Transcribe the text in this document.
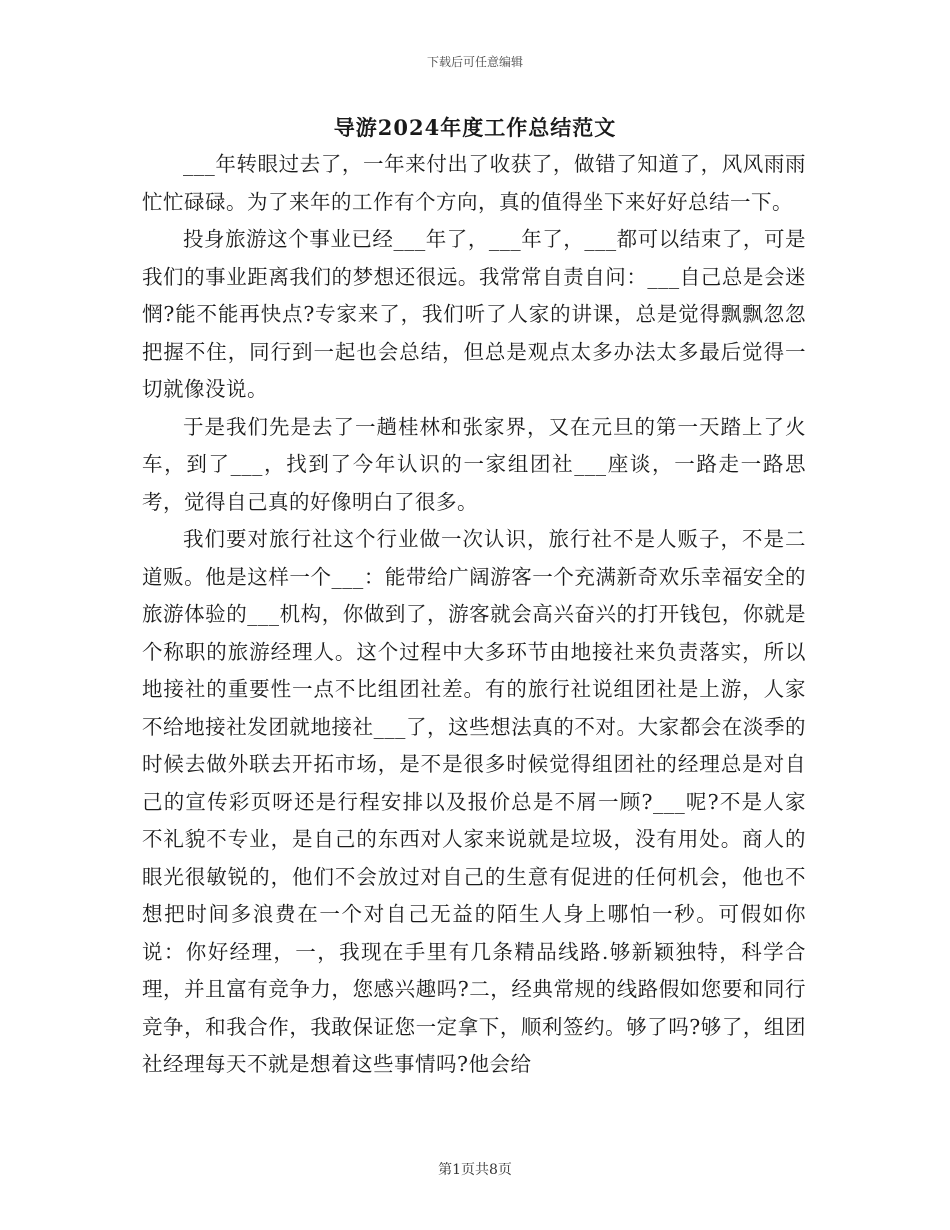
下载后可任意编辑
导游2024年度工作总结范文

___年转眼过去了，一年来付出了收获了，做错了知道了，风风雨雨忙忙碌碌。为了来年的工作有个方向，真的值得坐下来好好总结一下。

投身旅游这个事业已经___年了，___年了，___都可以结束了，可是我们的事业距离我们的梦想还很远。我常常自责自问：___自己总是会迷惘?能不能再快点?专家来了，我们听了人家的讲课，总是觉得飘飘忽忽把握不住，同行到一起也会总结，但总是观点太多办法太多最后觉得一切就像没说。

于是我们先是去了一趟桂林和张家界，又在元旦的第一天踏上了火车，到了___，找到了今年认识的一家组团社___座谈，一路走一路思考，觉得自己真的好像明白了很多。

我们要对旅行社这个行业做一次认识，旅行社不是人贩子，不是二道贩。他是这样一个___：能带给广阔游客一个充满新奇欢乐幸福安全的旅游体验的___机构，你做到了，游客就会高兴奋兴的打开钱包，你就是个称职的旅游经理人。这个过程中大多环节由地接社来负责落实，所以地接社的重要性一点不比组团社差。有的旅行社说组团社是上游，人家不给地接社发团就地接社___了，这些想法真的不对。大家都会在淡季的时候去做外联去开拓市场，是不是很多时候觉得组团社的经理总是对自己的宣传彩页呀还是行程安排以及报价总是不屑一顾?___呢?不是人家不礼貌不专业，是自己的东西对人家来说就是垃圾，没有用处。商人的眼光很敏锐的，他们不会放过对自己的生意有促进的任何机会，他也不想把时间多浪费在一个对自己无益的陌生人身上哪怕一秒。可假如你说：你好经理，一，我现在手里有几条精品线路.够新颖独特，科学合理，并且富有竞争力，您感兴趣吗?二，经典常规的线路假如您要和同行竞争，和我合作，我敢保证您一定拿下，顺利签约。够了吗?够了，组团社经理每天不就是想着这些事情吗?他会给

第1页共8页
